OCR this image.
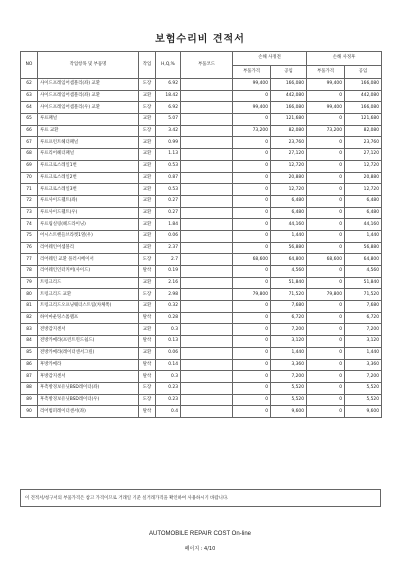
보험수리비 견적서
NO	작업항목 및 부품명	작업	H,Q,%	부품코드	손해 사정전		손해 사정후	
					부품가격	공임	부품가격	공임
62	사이드프레임어셈블리(좌) 교환	도장	6.92		99,400	166,080	99,400	166,080
63	사이드프레임어셈블리(좌) 교환	교환	18.42		0	442,080	0	442,080
64	사이드프레임어셈블리(우) 교환	도장	6.92		99,400	166,080	99,400	166,080
65	루프패널	교환	5.07		0	121,680	0	121,680
66	루프 교환	도장	3.42		73,200	82,080	73,200	82,080
67	루프프런트헤더패널	교환	0.99		0	23,760	0	23,760
68	루프리어헤더패널	교환	1.13		0	27,120	0	27,120
69	루프크로스레일1번	교환	0.53		0	12,720	0	12,720
70	루프크로스레일2번	교환	0.87		0	20,880	0	20,880
71	루프크로스레일3번	교환	0.53		0	12,720	0	12,720
72	루프사이드웰트(좌)	교환	0.27		0	6,480	0	6,480
73	루프사이드웰트(우)	교환	0.27		0	6,480	0	6,480
74	루프림실링(헤드라이닝)	교환	1.84		0	44,160	0	44,160
75	어시스트핸들브라켓1열(우)	교환	0.06		0	1,440	0	1,440
76	리어웨인어셈블리	교환	2.37		0	56,880	0	56,880
77	리어웨인 교환 플러시베이서	도장	2.7		68,600	64,800	68,600	64,800
78	리어웨인인터커버(사이드)	탈착	0.19		0	4,560	0	4,560
79	트렁크리드	교환	2.16		0	51,840	0	51,840
80	트렁크리드 교환	도장	2.98		79,800	71,520	79,800	71,520
81	트렁크리드오프닝웨더스트립(차체쪽)	교환	0.32		0	7,680	0	7,680
82	하이마운팅스톱램프	탈착	0.28		0	6,720	0	6,720
83	전방감지센서	교환	0.3		0	7,200	0	7,200
84	전방카메라(프런트윈드쉴드)	탈착	0.13		0	3,120	0	3,120
85	전방카메라(레이더센서그릴)	교환	0.06		0	1,440	0	1,440
86	후방카메라	탈착	0.14		0	3,360	0	3,360
87	후방감지센서	탈착	0.3		0	7,200	0	7,200
88	후측방경보유닛BSD레이더(좌)	도장	0.23		0	5,520	0	5,520
89	후측방경보유닛BSD레이더(우)	도장	0.23		0	5,520	0	5,520
90	리어범퍼레이더센서(좌)	탈착	0.4		0	9,600	0	9,600
이 견적서/청구서의 부품가격은 참고 가격이므로 거래일 기준 실거래가격을 확인하여 사용하시기 바랍니다.
AUTOMOBILE REPAIR COST On-line
페이지 : 4/10
